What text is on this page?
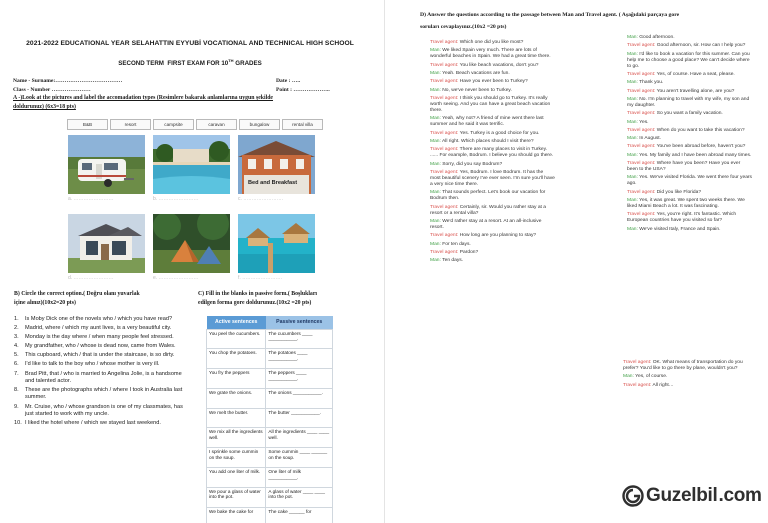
2021-2022 EDUCATIONAL YEAR SELAHATTIN EYYUBİ VOCATIONAL AND TECHNICAL HIGH SCHOOL
SECOND TERM  FIRST EXAM FOR 10TH GRADES
Name - Surname:………………………………
Class - Number …………………
Date : …..
Point : ………………..
A -)Look at the pictures and label the accomadation types (Resimlere bakarak anlamlarına uygun şekilde
doldurunuz) (6x3=18 pts)
B&B	resort	campsite	caravan	bungalow	rental villa
a. ……………………	b. ……………………
Bed and Breakfast
c. ……………………
d. ……………………	e. ……………………	f. ……………………
B) Circle the correct option.( Doğru olanı yuvarlak
içine alınız)(10x2=20 pts)
C) Fill in the blanks in passive form.( Boşlukları
edilgen forma gore doldurunuz.(10x2 =20 pts)
1.	Is Moby Dick one of the novels who / which you have read?
2.	Madrid, where / which my aunt lives, is a very beautiful city.
3.	Monday is the day where / when many people feel stressed.
4.	My grandfather, who / whose is dead now, came from Wales.
5.	This cupboard, which / that is under the staircase, is so dirty.
6.	I'd like to talk to the boy who / whose mother is very ill.
7.	Brad Pitt, that / who is married to Angelina Jolie, is a handsome and talented actor.
8.	These are the photographs which / where I took in Australia last summer.
9.	Mr. Cruise, who / whose grandson is one of my classmates, has just started to work with my uncle.
10. I liked the hotel where / which we stayed last weekend.
Active sentences	Passive sentences
You peel the cucumbers.	The cucumbers ____ ___________.
You chop the potatoes.	The potatoes ____ ___________.
You fry the peppers	The peppers ____ ___________.
We grate the onions.	The onions ___________.
We melt the butter.	The butter ___________.
We mix all the ingredients well.	All the ingredients ____ ____ well.
I sprinkle some cummin on the soup.	Some cummin ____ ______ on the soup.
You add one liter of milk.	One liter of milk ___________.
We pour a glass of water into the pot.	A glass of water ____ ____ into the pot.
We bake the cake for	The cake ______ for
D) Answer the questions according to the passage between Man and Travel agent. ( Aşağıdaki parçaya gore
soruları cevaplayınız.(10x2 =20 pts)
Travel agent: Which one did you like most?
Man: We liked Spain very much. There are lots of wonderful beaches in Spain. We had a great time there.
Travel agent: You like beach vacations, don't you?
Man: Yeah. Beach vacations are fun.
Travel agent: Have you ever been to Turkey?
Man: No, we've never been to Turkey.
Travel agent: I think you should go to Turkey. It's really worth seeing. And you can have a great beach vacation there.
Man: Yeah, why not? A friend of mine went there last summer and he said it was terrific.
Travel agent: Yes. Turkey is a good choice for you.
Man: All right. Which places should I visit there?
Travel agent: There are many places to visit in Turkey. ...... For example, Bodrum. I believe you should go there.
Man: Sorry, did you say Bodrum?
Travel agent: Yes, Bodrum. I love Bodrum. It has the most beautiful scenery I've ever seen. I'm sure you'll have a very nice time there.
Man: That sounds perfect. Let's book our vacation for Bodrum then.
Travel agent: Certainly, sir. Would you rather stay at a resort or a rental villa?
Man: We'd rather stay at a resort. At an all-inclusive resort.
Travel agent: How long are you planning to stay?
Man: For ten days.
Travel agent: Pardon?
Man: Ten days.
Man: Good afternoon.
Travel agent: Good afternoon, sir. How can I help you?
Man: I'd like to book a vacation for this summer. Can you help me to choose a good place? We can't decide where to go.
Travel agent: Yes, of course. Have a seat, please.
Man: Thank you.
Travel agent: You aren't travelling alone, are you?
Man: No. I'm planning to travel with my wife, my son and my daughter.
Travel agent: So you want a family vacation.
Man: Yes.
Travel agent: When do you want to take this vacation?
Man: In August.
Travel agent: You've been abroad before, haven't you?
Man: Yes. My family and I have been abroad many times.
Travel agent: Where have you been? Have you ever been to the USA?
Man: Yes. We've visited Florida. We went there four years ago.
Travel agent: Did you like Florida?
Man: Yes, it was great. We spent two weeks there. We liked Miami Beach a lot. It was fascinating.
Travel agent: Yes, you're right. It's fantastic. Which European countries have you visited so far?
Man: We've visited Italy, France and Spain.
Travel agent: OK. What means of transportation do you prefer? You'd like to go there by plane, wouldn't you?
Man: Yes, of course.
Travel agent: All right…
Guzelbil.com
